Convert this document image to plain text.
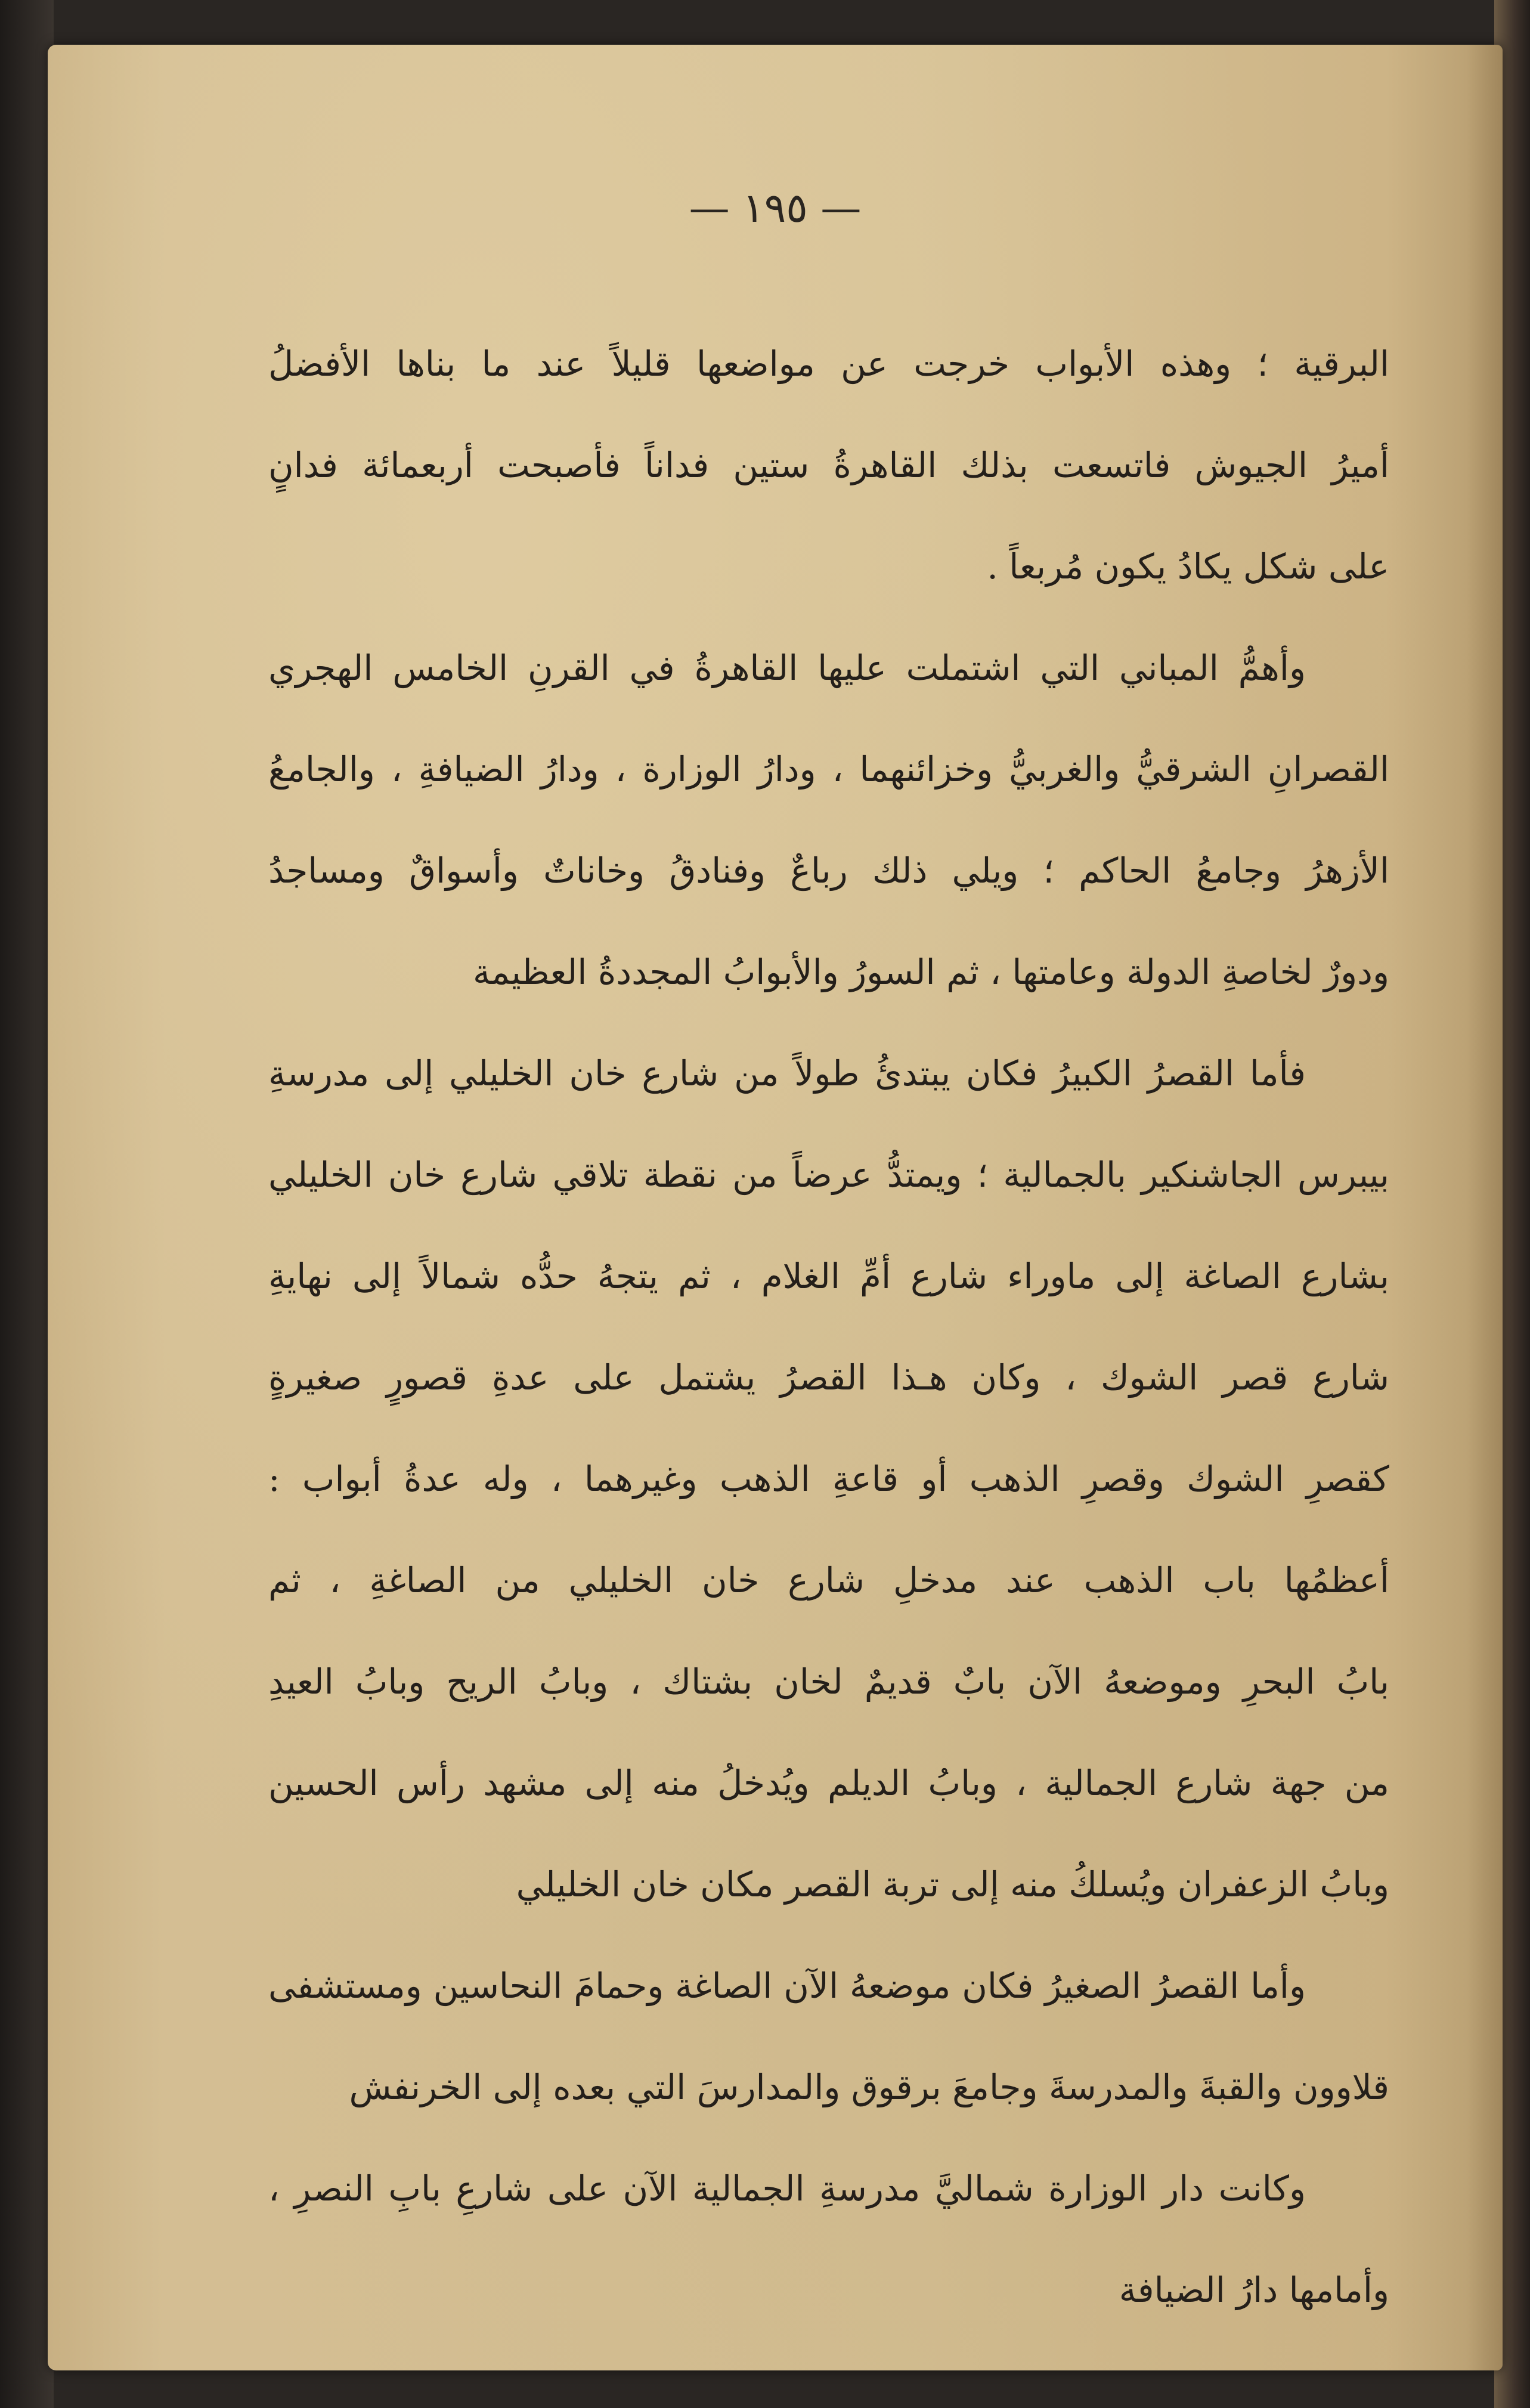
— ١٩٥ —
البرقية ؛ وهذه الأبواب خرجت عن مواضعها قليلاً عند ما بناها الأفضلُ
أميرُ الجيوش فاتسعت بذلك القاهرةُ ستين فداناً فأصبحت أربعمائة فدانٍ
على شكل يكادُ يكون مُربعاً .
وأهمُّ المباني التي اشتملت عليها القاهرةُ في القرنِ الخامس الهجري
القصرانِ الشرقيُّ والغربيُّ وخزائنهما ، ودارُ الوزارة ، ودارُ الضيافةِ ، والجامعُ
الأزهرُ وجامعُ الحاكم ؛ ويلي ذلك رباعٌ وفنادقُ وخاناتٌ وأسواقٌ ومساجدُ
ودورٌ لخاصةِ الدولة وعامتها ، ثم السورُ والأبوابُ المجددةُ العظيمة
فأما القصرُ الكبيرُ فكان يبتدئُ طولاً من شارع خان الخليلي إلى مدرسةِ
بيبرس الجاشنكير بالجمالية ؛ ويمتدُّ عرضاً من نقطة تلاقي شارع خان الخليلي
بشارع الصاغة إلى ماوراء شارع أمِّ الغلام ، ثم يتجهُ حدُّه شمالاً إلى نهايةِ
شارع قصر الشوك ، وكان هـذا القصرُ يشتمل على عدةِ قصورٍ صغيرةٍ
كقصرِ الشوك وقصرِ الذهب أو قاعةِ الذهب وغيرهما ، وله عدةُ أبواب :
أعظمُها باب الذهب عند مدخلِ شارع خان الخليلي من الصاغةِ ، ثم
بابُ البحرِ وموضعهُ الآن بابٌ قديمٌ لخان بشتاك ، وبابُ الريح وبابُ العيدِ
من جهة شارع الجمالية ، وبابُ الديلم ويُدخلُ منه إلى مشهد رأس الحسين
وبابُ الزعفران ويُسلكُ منه إلى تربة القصر مكان خان الخليلي
وأما القصرُ الصغيرُ فكان موضعهُ الآن الصاغة وحمامَ النحاسين ومستشفى
قلاوون والقبةَ والمدرسةَ وجامعَ برقوق والمدارسَ التي بعده إلى الخرنفش
وكانت دار الوزارة شماليَّ مدرسةِ الجمالية الآن على شارعِ بابِ النصرِ ،
وأمامها دارُ الضيافة
